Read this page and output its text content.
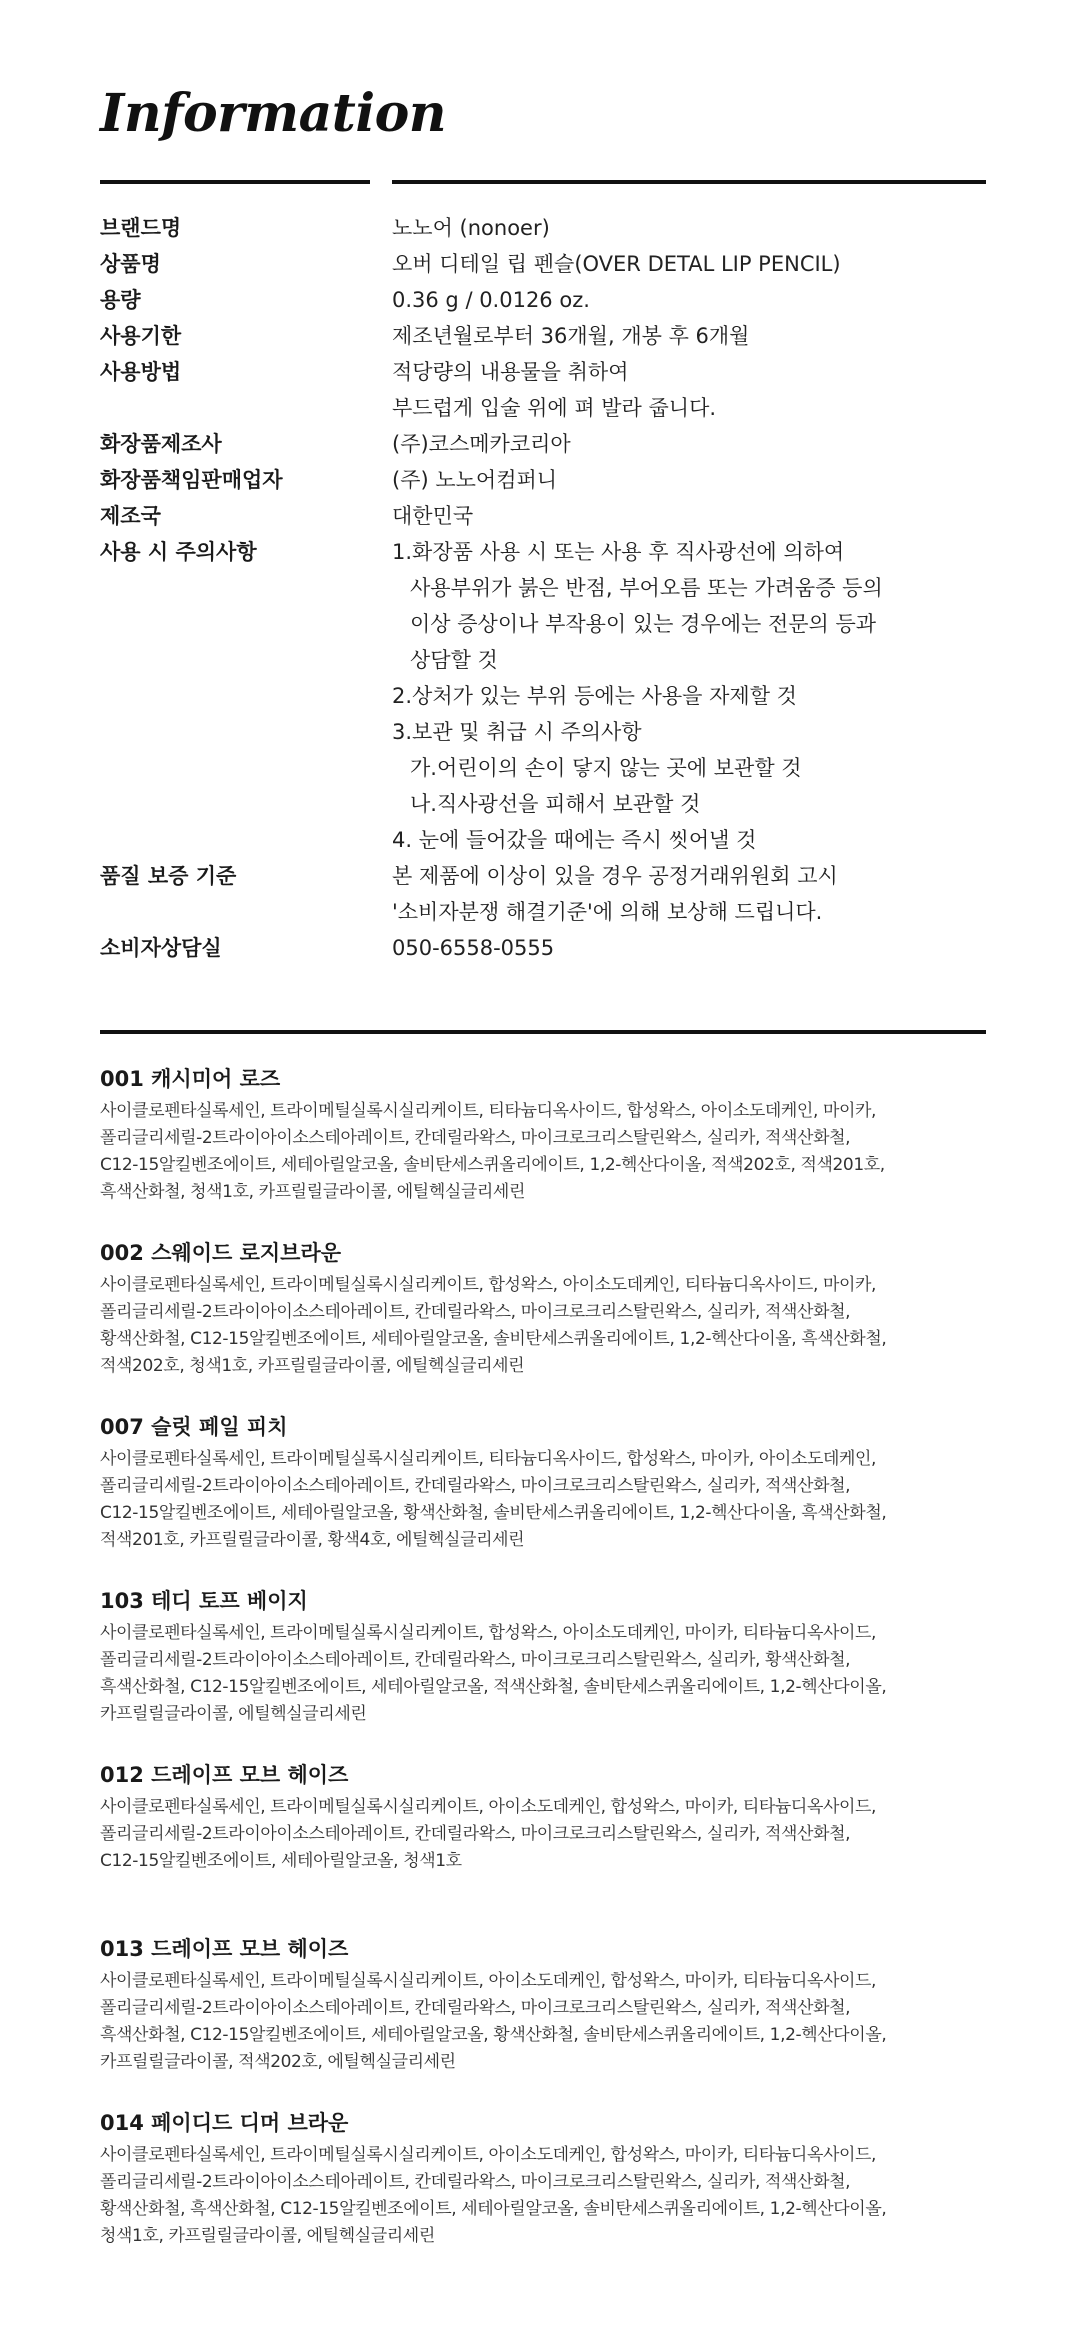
Information
브랜드명	노노어 (nonoer)
상품명	오버 디테일 립 펜슬(OVER DETAL LIP PENCIL)
용량	0.36 g / 0.0126 oz.
사용기한	제조년월로부터 36개월, 개봉 후 6개월
사용방법	적당량의 내용물을 취하여
부드럽게 입술 위에 펴 발라 줍니다.
화장품제조사	(주)코스메카코리아
화장품책임판매업자	(주) 노노어컴퍼니
제조국	대한민국
사용 시 주의사항	1.화장품 사용 시 또는 사용 후 직사광선에 의하여
사용부위가 붉은 반점, 부어오름 또는 가려움증 등의
이상 증상이나 부작용이 있는 경우에는 전문의 등과
상담할 것
2.상처가 있는 부위 등에는 사용을 자제할 것
3.보관 및 취급 시 주의사항
가.어린이의 손이 닿지 않는 곳에 보관할 것
나.직사광선을 피해서 보관할 것
4. 눈에 들어갔을 때에는 즉시 씻어낼 것
품질 보증 기준	본 제품에 이상이 있을 경우 공정거래위원회 고시
'소비자분쟁 해결기준'에 의해 보상해 드립니다.
소비자상담실	050-6558-0555
001 캐시미어 로즈
사이클로펜타실록세인, 트라이메틸실록시실리케이트, 티타늄디옥사이드, 합성왁스, 아이소도데케인, 마이카,
폴리글리세릴-2트라이아이소스테아레이트, 칸데릴라왁스, 마이크로크리스탈린왁스, 실리카, 적색산화철,
C12-15알킬벤조에이트, 세테아릴알코올, 솔비탄세스퀴올리에이트, 1,2-헥산다이올, 적색202호, 적색201호,
흑색산화철, 청색1호, 카프릴릴글라이콜, 에틸헥실글리세린
002 스웨이드 로지브라운
사이클로펜타실록세인, 트라이메틸실록시실리케이트, 합성왁스, 아이소도데케인, 티타늄디옥사이드, 마이카,
폴리글리세릴-2트라이아이소스테아레이트, 칸데릴라왁스, 마이크로크리스탈린왁스, 실리카, 적색산화철,
황색산화철, C12-15알킬벤조에이트, 세테아릴알코올, 솔비탄세스퀴올리에이트, 1,2-헥산다이올, 흑색산화철,
적색202호, 청색1호, 카프릴릴글라이콜, 에틸헥실글리세린
007 슬릿 페일 피치
사이클로펜타실록세인, 트라이메틸실록시실리케이트, 티타늄디옥사이드, 합성왁스, 마이카, 아이소도데케인,
폴리글리세릴-2트라이아이소스테아레이트, 칸데릴라왁스, 마이크로크리스탈린왁스, 실리카, 적색산화철,
C12-15알킬벤조에이트, 세테아릴알코올, 황색산화철, 솔비탄세스퀴올리에이트, 1,2-헥산다이올, 흑색산화철,
적색201호, 카프릴릴글라이콜, 황색4호, 에틸헥실글리세린
103 테디 토프 베이지
사이클로펜타실록세인, 트라이메틸실록시실리케이트, 합성왁스, 아이소도데케인, 마이카, 티타늄디옥사이드,
폴리글리세릴-2트라이아이소스테아레이트, 칸데릴라왁스, 마이크로크리스탈린왁스, 실리카, 황색산화철,
흑색산화철, C12-15알킬벤조에이트, 세테아릴알코올, 적색산화철, 솔비탄세스퀴올리에이트, 1,2-헥산다이올,
카프릴릴글라이콜, 에틸헥실글리세린
012 드레이프 모브 헤이즈
사이클로펜타실록세인, 트라이메틸실록시실리케이트, 아이소도데케인, 합성왁스, 마이카, 티타늄디옥사이드,
폴리글리세릴-2트라이아이소스테아레이트, 칸데릴라왁스, 마이크로크리스탈린왁스, 실리카, 적색산화철,
C12-15알킬벤조에이트, 세테아릴알코올, 청색1호
013 드레이프 모브 헤이즈
사이클로펜타실록세인, 트라이메틸실록시실리케이트, 아이소도데케인, 합성왁스, 마이카, 티타늄디옥사이드,
폴리글리세릴-2트라이아이소스테아레이트, 칸데릴라왁스, 마이크로크리스탈린왁스, 실리카, 적색산화철,
흑색산화철, C12-15알킬벤조에이트, 세테아릴알코올, 황색산화철, 솔비탄세스퀴올리에이트, 1,2-헥산다이올,
카프릴릴글라이콜, 적색202호, 에틸헥실글리세린
014 페이디드 디머 브라운
사이클로펜타실록세인, 트라이메틸실록시실리케이트, 아이소도데케인, 합성왁스, 마이카, 티타늄디옥사이드,
폴리글리세릴-2트라이아이소스테아레이트, 칸데릴라왁스, 마이크로크리스탈린왁스, 실리카, 적색산화철,
황색산화철, 흑색산화철, C12-15알킬벤조에이트, 세테아릴알코올, 솔비탄세스퀴올리에이트, 1,2-헥산다이올,
청색1호, 카프릴릴글라이콜, 에틸헥실글리세린
